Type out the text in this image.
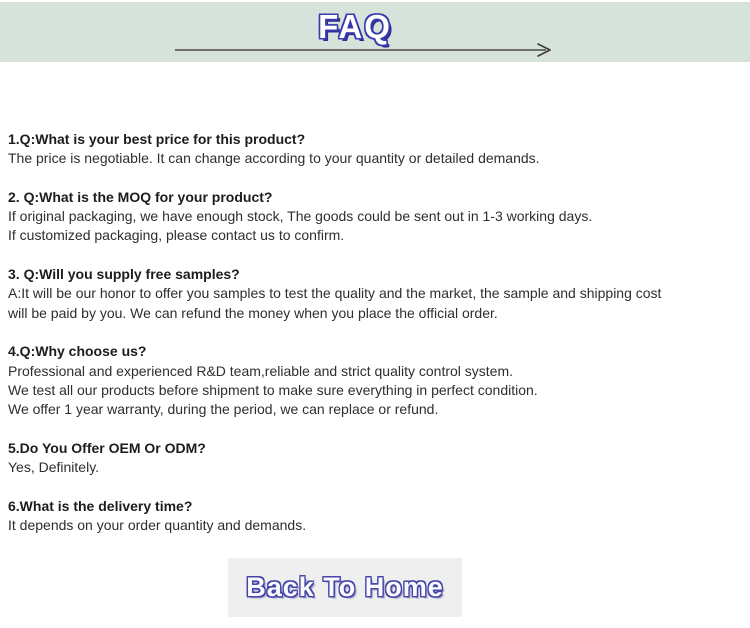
FAQ
1.Q:What is your best price for this product?
The price is negotiable. It can change according to your quantity or detailed demands.
2. Q:What is the MOQ for your product?
If original packaging, we have enough stock, The goods could be sent out in 1-3 working days.
If customized packaging, please contact us to confirm.
3. Q:Will you supply free samples?
A:It will be our honor to offer you samples to test the quality and the market, the sample and shipping cost
will be paid by you. We can refund the money when you place the official order.
4.Q:Why choose us?
Professional and experienced R&D team,reliable and strict quality control system.
We test all our products before shipment to make sure everything in perfect condition.
We offer 1 year warranty, during the period, we can replace or refund.
5.Do You Offer OEM Or ODM?
Yes, Definitely.
6.What is the delivery time?
It depends on your order quantity and demands.
Back To Home
